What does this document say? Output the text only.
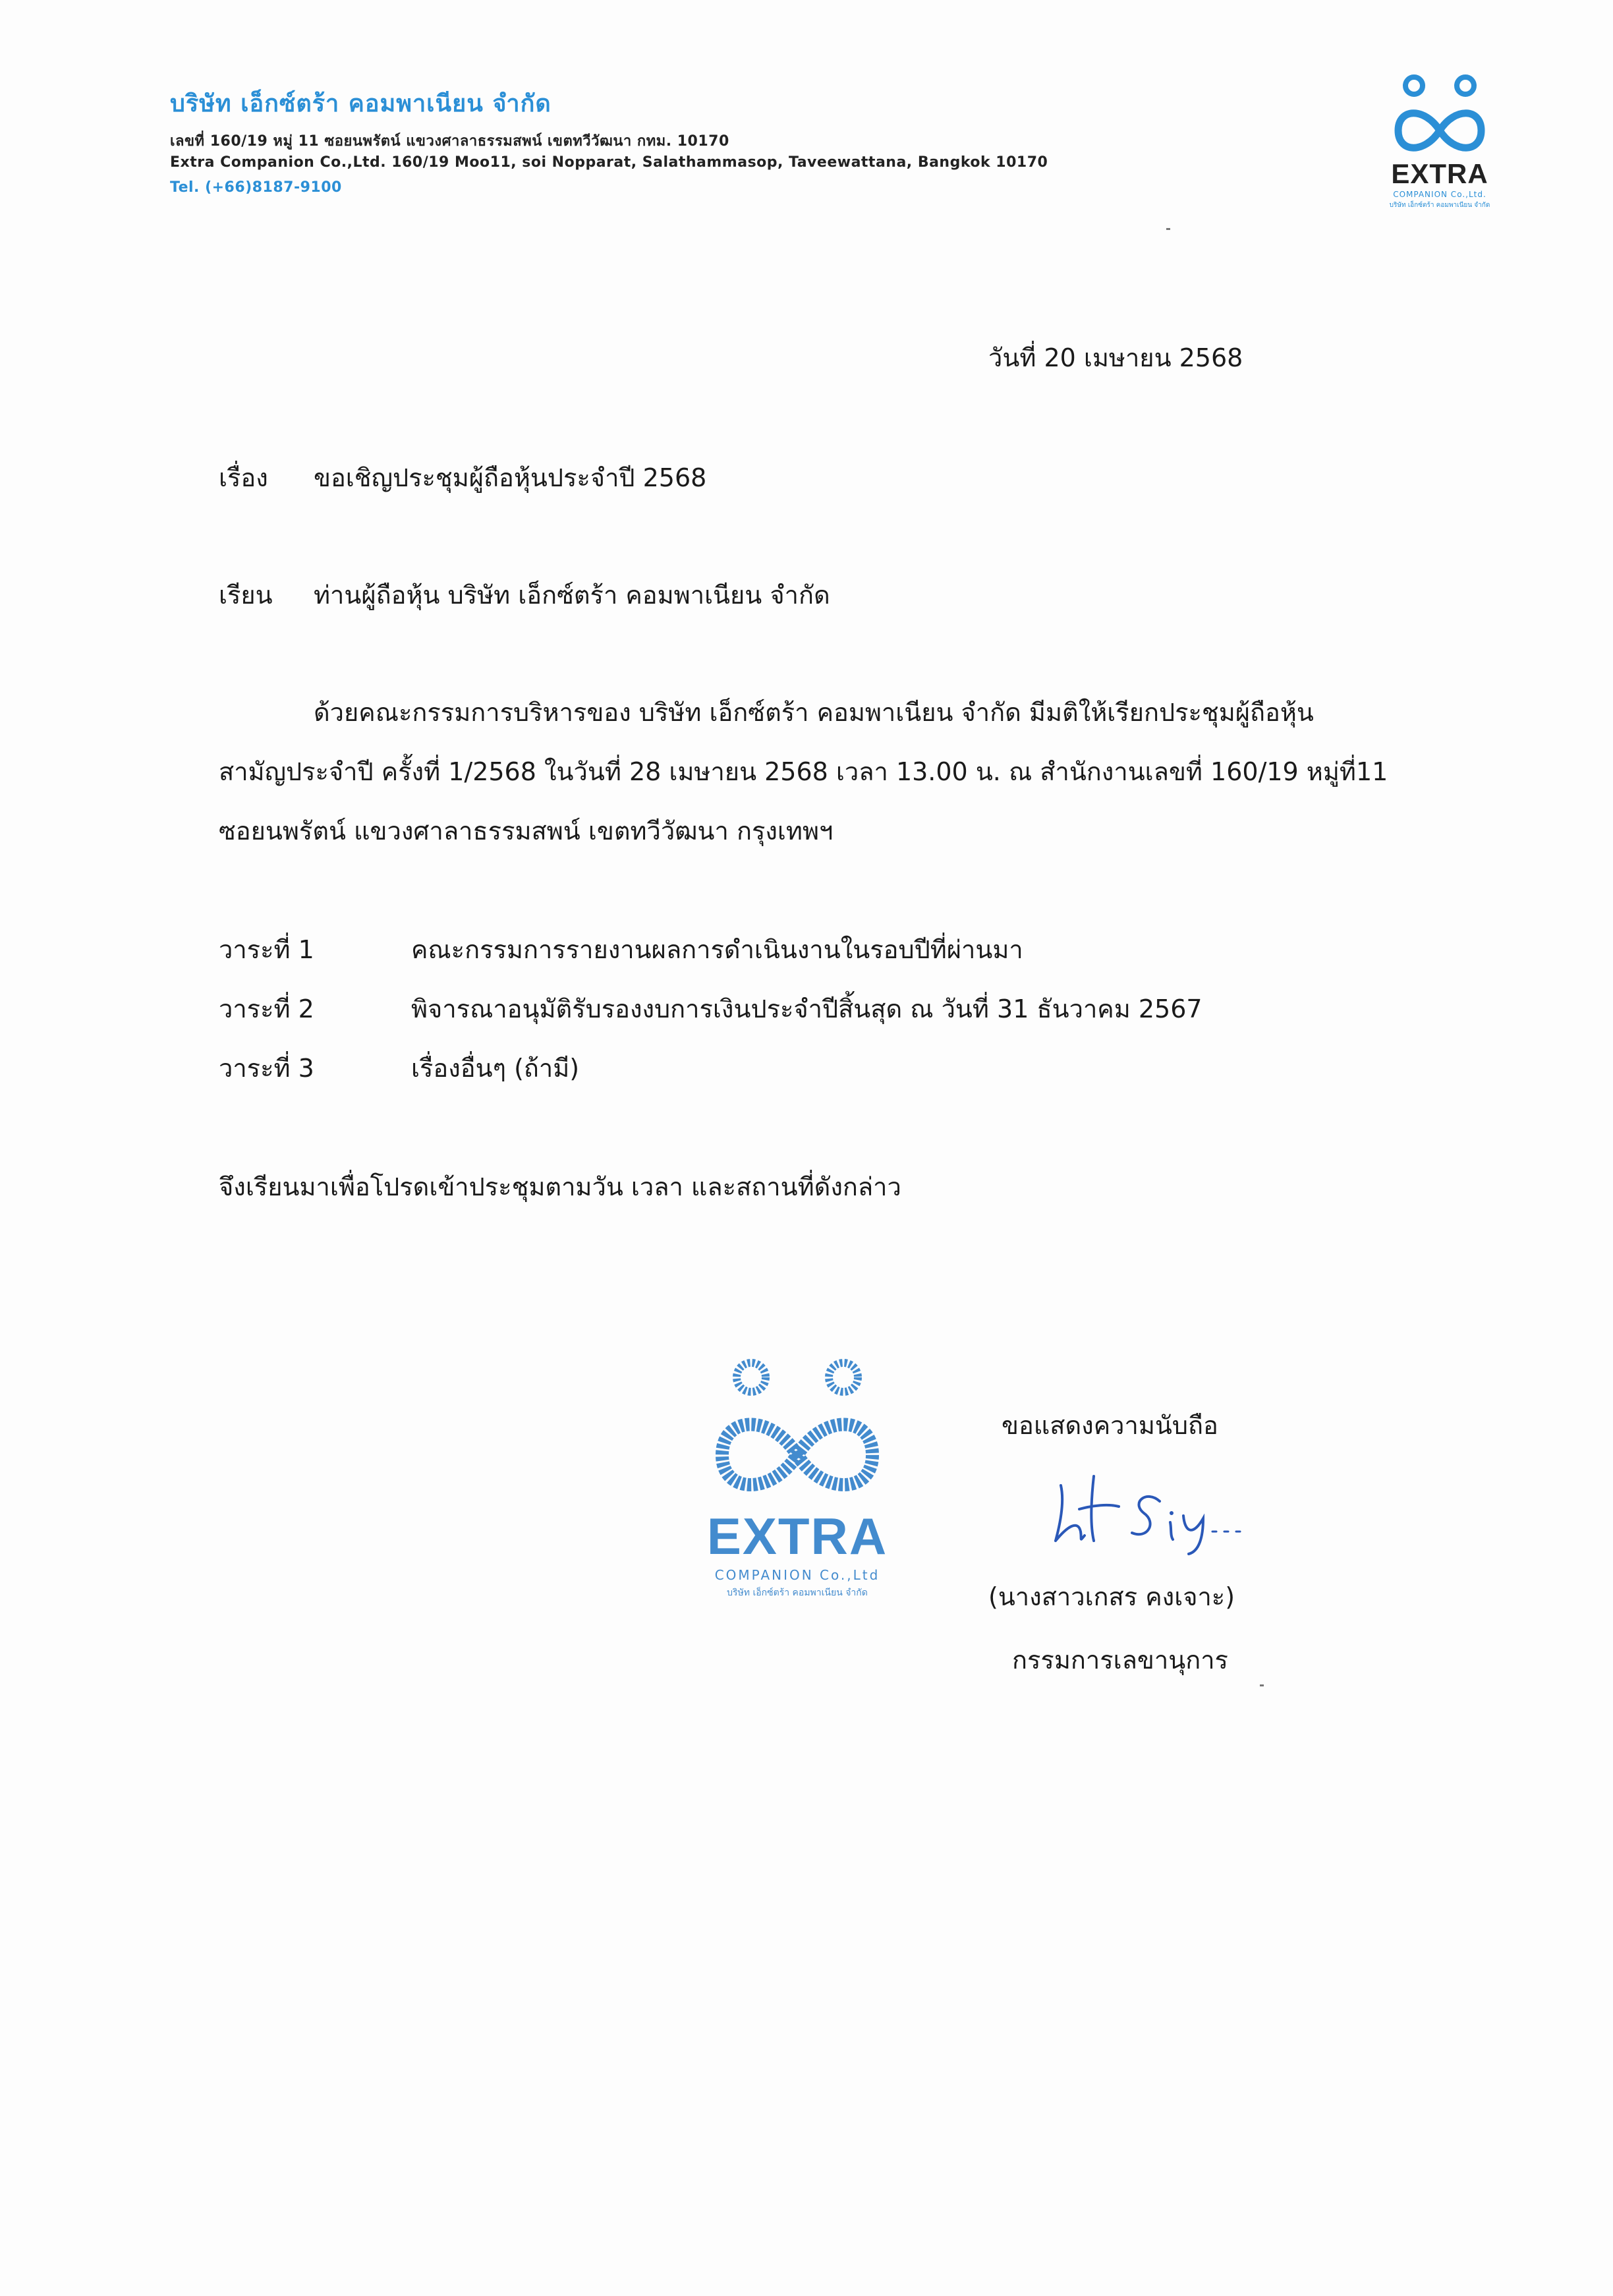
บริษัท เอ็กซ์ตร้า คอมพาเนียน จำกัด
เลขที่ 160/19 หมู่ 11 ซอยนพรัตน์ แขวงศาลาธรรมสพน์ เขตทวีวัฒนา กทม. 10170
Extra Companion Co.,Ltd. 160/19 Moo11, soi Nopparat, Salathammasop, Taveewattana, Bangkok 10170
Tel. (+66)8187-9100	EXTRA
COMPANION Co.,Ltd.
บริษัท เอ็กซ์ตร้า คอมพาเนียน จำกัด
วันที่ 20 เมษายน 2568
เรื่อง ขอเชิญประชุมผู้ถือหุ้นประจำปี 2568
เรียน ท่านผู้ถือหุ้น บริษัท เอ็กซ์ตร้า คอมพาเนียน จำกัด
ด้วยคณะกรรมการบริหารของ บริษัท เอ็กซ์ตร้า คอมพาเนียน จำกัด มีมติให้เรียกประชุมผู้ถือหุ้น
สามัญประจำปี ครั้งที่ 1/2568 ในวันที่ 28 เมษายน 2568 เวลา 13.00 น. ณ สำนักงานเลขที่ 160/19 หมู่ที่11
ซอยนพรัตน์ แขวงศาลาธรรมสพน์ เขตทวีวัฒนา กรุงเทพฯ
วาระที่ 1	คณะกรรมการรายงานผลการดำเนินงานในรอบปีที่ผ่านมา
วาระที่ 2	พิจารณาอนุมัติรับรองงบการเงินประจำปีสิ้นสุด ณ วันที่ 31 ธันวาคม 2567
วาระที่ 3	เรื่องอื่นๆ (ถ้ามี)
จึงเรียนมาเพื่อโปรดเข้าประชุมตามวัน เวลา และสถานที่ดังกล่าว
EXTRA
COMPANION Co.,Ltd
บริษัท เอ็กซ์ตร้า คอมพาเนียน จำกัด
ขอแสดงความนับถือ
(นางสาวเกสร คงเจาะ)
กรรมการเลขานุการ
